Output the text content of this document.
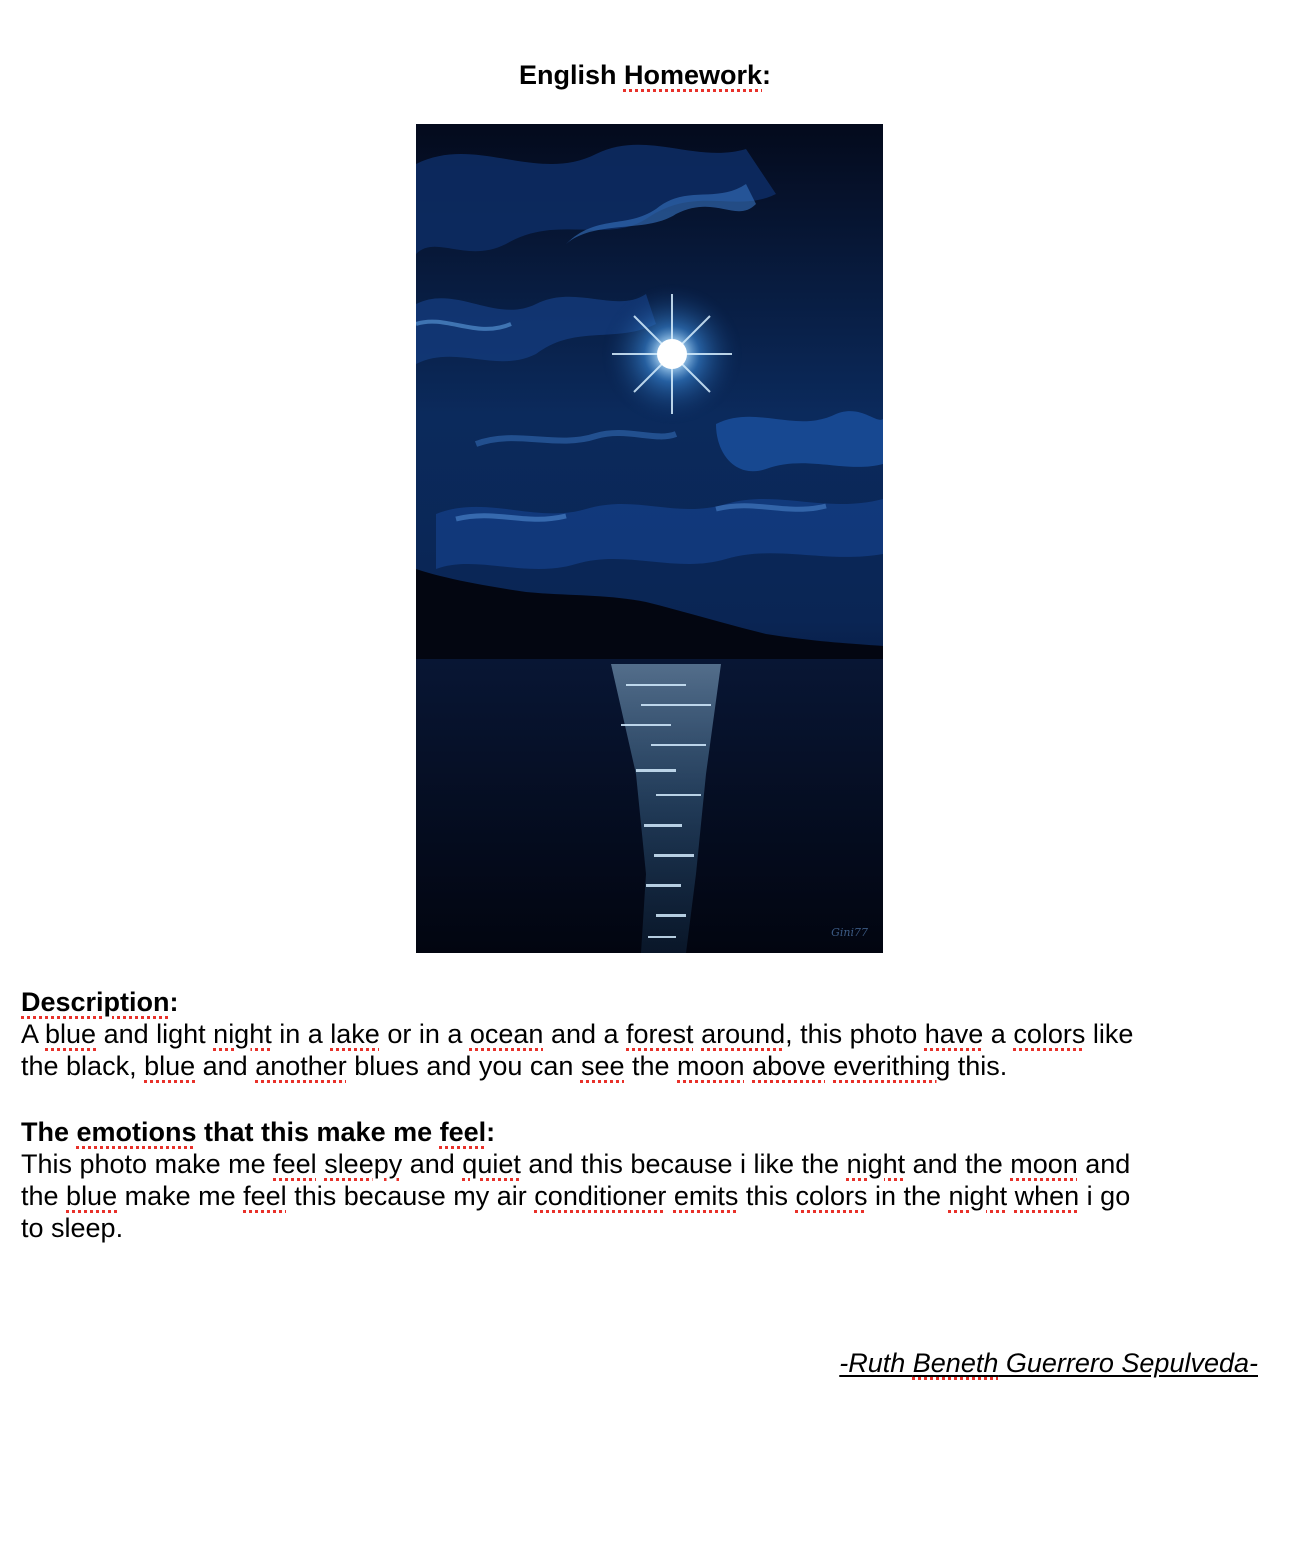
English Homework:
Gini77
Description:

A blue and light night in a lake or in a ocean and a forest around, this photo have a colors like
the black, blue and another blues and you can see the moon above everithing this.

The emotions that this make me feel:

This photo make me feel sleepy and quiet and this because i like the night and the moon and
the blue make me feel this because my air conditioner emits this colors in the night when i go
to sleep.

-Ruth Beneth Guerrero Sepulveda-
